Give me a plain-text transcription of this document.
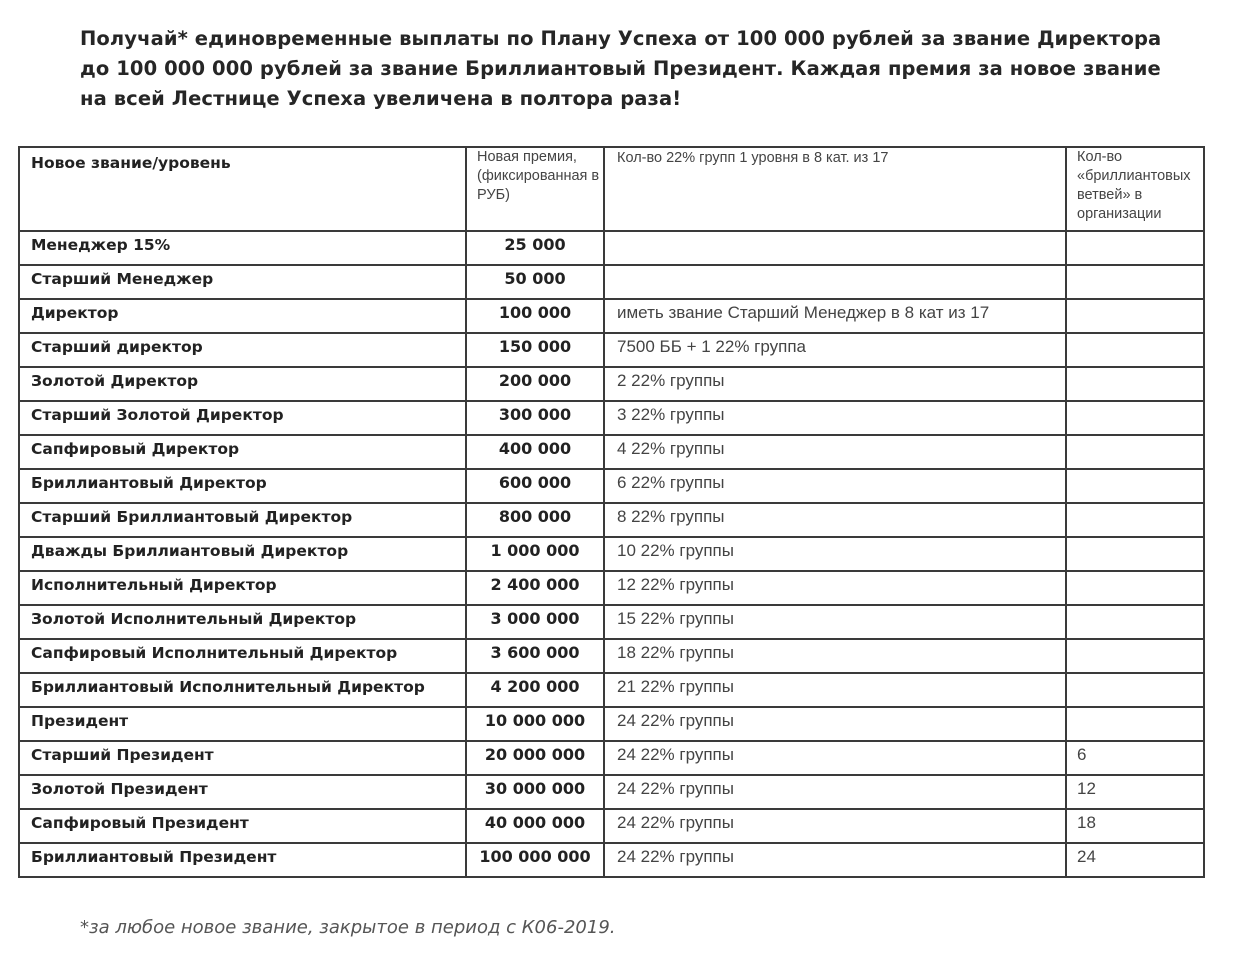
Получай* единовременные выплаты по Плану Успеха от 100 000 рублей за звание Директора до 100 000 000 рублей за звание Бриллиантовый Президент. Каждая премия за новое звание на всей Лестнице Успеха увеличена в полтора раза!
Новое звание/уровень	Новая премия, (фиксированная в РУБ)	Кол-во 22% групп 1 уровня в 8 кат. из 17	Кол-во «бриллиантовых ветвей» в организации
Менеджер 15%	25 000		
Старший Менеджер	50 000		
Директор	100 000	иметь звание Старший Менеджер в 8 кат из 17	
Старший директор	150 000	7500 ББ + 1 22% группа	
Золотой Директор	200 000	2 22% группы	
Старший Золотой Директор	300 000	3 22% группы	
Сапфировый Директор	400 000	4 22% группы	
Бриллиантовый Директор	600 000	6 22% группы	
Старший Бриллиантовый Директор	800 000	8 22% группы	
Дважды Бриллиантовый Директор	1 000 000	10 22% группы	
Исполнительный Директор	2 400 000	12 22% группы	
Золотой Исполнительный Директор	3 000 000	15 22% группы	
Сапфировый Исполнительный Директор	3 600 000	18 22% группы	
Бриллиантовый Исполнительный Директор	4 200 000	21 22% группы	
Президент	10 000 000	24 22% группы	
Старший Президент	20 000 000	24 22% группы	6
Золотой Президент	30 000 000	24 22% группы	12
Сапфировый Президент	40 000 000	24 22% группы	18
Бриллиантовый Президент	100 000 000	24 22% группы	24
*за любое новое звание, закрытое в период с К06-2019.
